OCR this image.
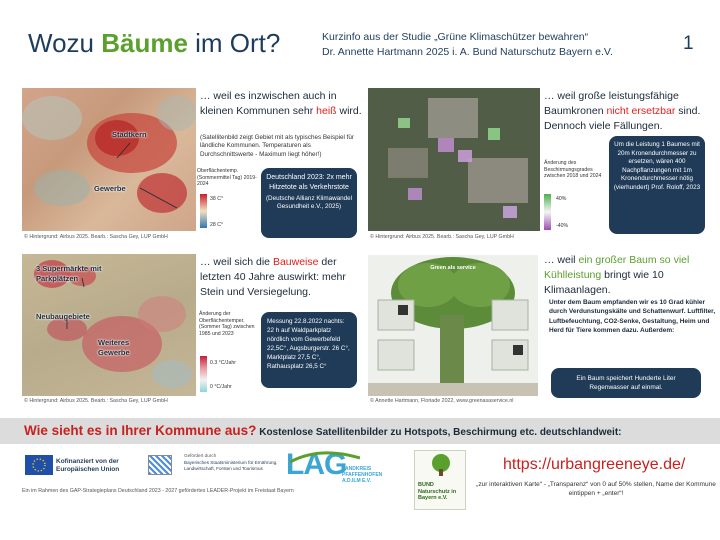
Wozu Bäume im Ort?	Kurzinfo aus der Studie „Grüne Klimaschützer bewahren“
Dr. Annette Hartmann 2025 i. A. Bund Naturschutz Bayern e.V.	1
Stadtkern
Gewerbe
© Hintergrund: Airbus 2025. Bearb.: Sascha Gey, LUP GmbH
… weil es inzwischen auch in kleinen Kommunen sehr heiß wird.
(Satellitenbild zeigt Gebiet mit als typisches Beispiel für ländliche Kommunen. Temperaturen als Durchschnittswerte - Maximum liegt höher!)
Oberflächentemp. (Sommermittel Tag) 2019-2024
38 C°
28 C°
Deutschland 2023: 2x mehr Hitzetote als Verkehrstote
(Deutsche Allianz Klimawandel Gesundheit e.V., 2025)
© Hintergrund: Airbus 2025. Bearb.: Sascha Gey, LUP GmbH
… weil große leistungsfähige Baumkronen nicht ersetzbar sind. Dennoch viele Fällungen.
Änderung des Beschirmungsgrades zwischen 2018 und 2024
40%
-40%
Um die Leistung 1 Baumes mit 20m Kronendurchmesser zu ersetzen, wären 400 Nachpflanzungen mit 1m Kronendurchmesser nötig (vierhundert) Prof. Roloff, 2023
3 Supermärkte mit Parkplätzen
Neubaugebiete
Weiteres Gewerbe
© Hintergrund: Airbus 2025. Bearb.: Sascha Gey, LUP GmbH
… weil sich die Bauweise der letzten 40 Jahre auswirkt: mehr Stein und Versiegelung.
Änderung der Oberflächentemper. (Sommer Tag) zwischen 1985 und 2023
0.3 °C/Jahr
0 °C/Jahr
Messung 22.8.2022 nachts: 22 h auf Waldparkplatz nördlich vom Gewerbefeld 22,5C°, Augsburgerstr. 26 C°, Marktplatz 27,5 C°, Rathausplatz 26,5 C°
Green als service
© Annette Hartmann, Floriade 2022, www.greenasaservice.nl
… weil ein großer Baum so viel Kühlleistung bringt wie 10 Klimaanlagen.
Unter dem Baum empfanden wir es 10 Grad kühler durch Verdunstungskälte und Schattenwurf. Luftfilter, Luftbefeuchtung, CO2-Senke, Gestaltung, Heim und Herd für Tiere kommen dazu. Außerdem:
Ein Baum speichert Hunderte Liter Regenwasser auf einmal.
Wie sieht es in Ihrer Kommune aus? Kostenlose Satellitenbilder zu Hotspots, Beschirmung etc. deutschlandweit:
Kofinanziert von der Europäischen Union
Gefördert durch
Bayerisches Staatsministerium für Ernährung, Landwirtschaft, Forsten und Tourismus LAG
LANDKREIS PFAFFENHOFEN A.D.ILM E.V.
BUND Naturschutz in Bayern e.V.
Ein im Rahmen des GAP-Strategieplans Deutschland 2023 - 2027 gefördertes LEADER-Projekt im Freistaat Bayern
https://urbangreeneye.de/
„zur interaktiven Karte“ - „Transparenz“ von 0 auf 50% stellen, Name der Kommune eintippen + „enter“!
